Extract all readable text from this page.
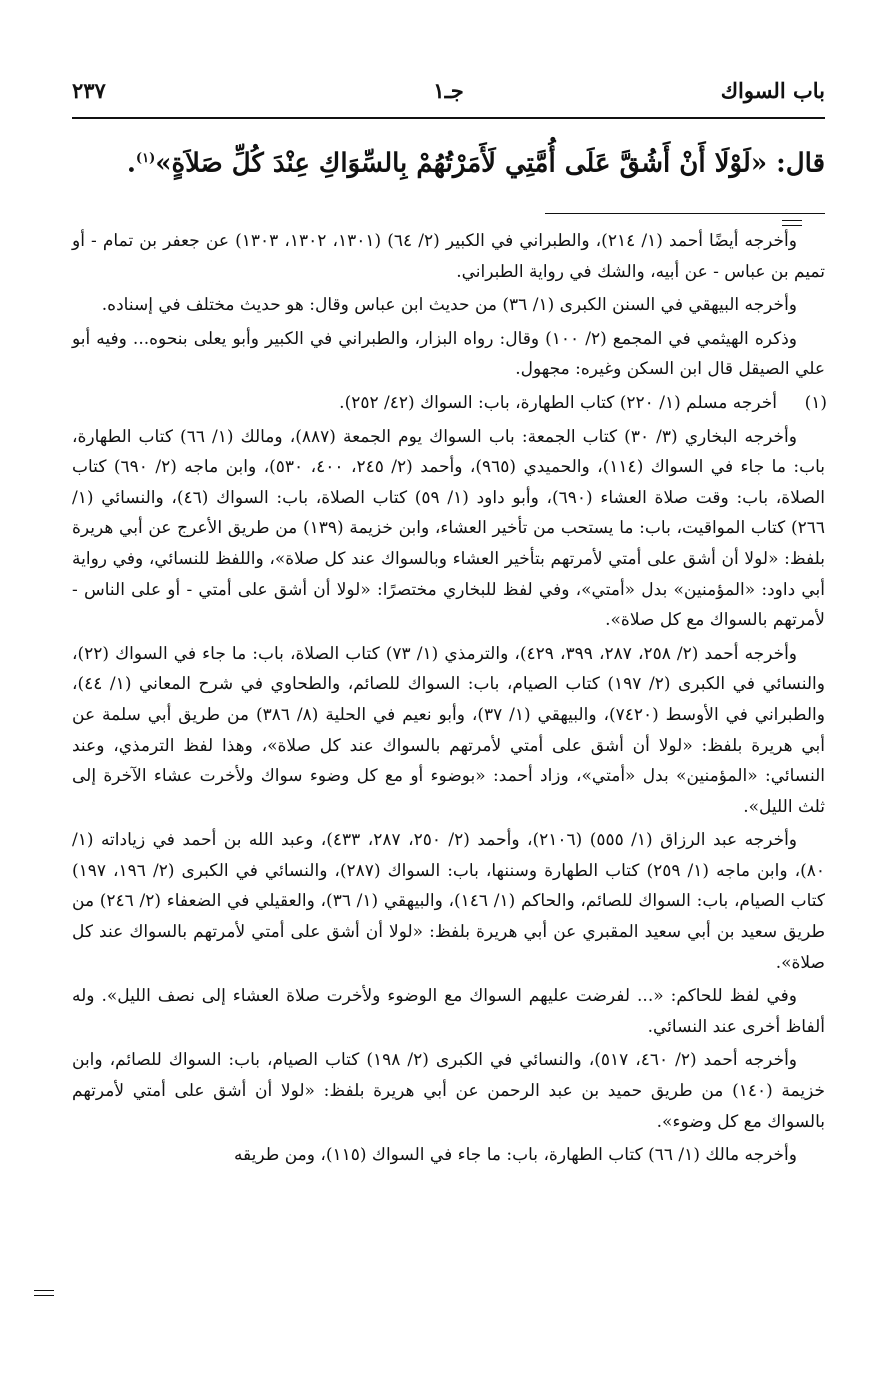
باب السواك
جـ١
٢٣٧
قال: «لَوْلَا أَنْ أَشُقَّ عَلَى أُمَّتِي لَأَمَرْتُهُمْ بِالسِّوَاكِ عِنْدَ كُلِّ صَلاَةٍ»$^{(١)}$.

وأخرجه أيضًا أحمد (١/ ٢١٤)، والطبراني في الكبير (٢/ ٦٤) (١٣٠١، ١٣٠٢، ١٣٠٣) عن جعفر بن تمام - أو تميم بن عباس - عن أبيه، والشك في رواية الطبراني.

وأخرجه البيهقي في السنن الكبرى (١/ ٣٦) من حديث ابن عباس وقال: هو حديث مختلف في إسناده.

وذكره الهيثمي في المجمع (٢/ ١٠٠) وقال: رواه البزار، والطبراني في الكبير وأبو يعلى بنحوه... وفيه أبو علي الصيقل قال ابن السكن وغيره: مجهول.

(١)
أخرجه مسلم (١/ ٢٢٠) كتاب الطهارة، باب: السواك (٤٢/ ٢٥٢).

وأخرجه البخاري (٣/ ٣٠) كتاب الجمعة: باب السواك يوم الجمعة (٨٨٧)، ومالك (١/ ٦٦) كتاب الطهارة، باب: ما جاء في السواك (١١٤)، والحميدي (٩٦٥)، وأحمد (٢/ ٢٤٥، ٤٠٠، ٥٣٠)، وابن ماجه (٢/ ٦٩٠) كتاب الصلاة، باب: وقت صلاة العشاء (٦٩٠)، وأبو داود (١/ ٥٩) كتاب الصلاة، باب: السواك (٤٦)، والنسائي (١/ ٢٦٦) كتاب المواقيت، باب: ما يستحب من تأخير العشاء، وابن خزيمة (١٣٩) من طريق الأعرج عن أبي هريرة بلفظ: «لولا أن أشق على أمتي لأمرتهم بتأخير العشاء وبالسواك عند كل صلاة»، واللفظ للنسائي، وفي رواية أبي داود: «المؤمنين» بدل «أمتي»، وفي لفظ للبخاري مختصرًا: «لولا أن أشق على أمتي - أو على الناس - لأمرتهم بالسواك مع كل صلاة».

وأخرجه أحمد (٢/ ٢٥٨، ٢٨٧، ٣٩٩، ٤٢٩)، والترمذي (١/ ٧٣) كتاب الصلاة، باب: ما جاء في السواك (٢٢)، والنسائي في الكبرى (٢/ ١٩٧) كتاب الصيام، باب: السواك للصائم، والطحاوي في شرح المعاني (١/ ٤٤)، والطبراني في الأوسط (٧٤٢٠)، والبيهقي (١/ ٣٧)، وأبو نعيم في الحلية (٨/ ٣٨٦) من طريق أبي سلمة عن أبي هريرة بلفظ: «لولا أن أشق على أمتي لأمرتهم بالسواك عند كل صلاة»، وهذا لفظ الترمذي، وعند النسائي: «المؤمنين» بدل «أمتي»، وزاد أحمد: «بوضوء أو مع كل وضوء سواك ولأخرت عشاء الآخرة إلى ثلث الليل».

وأخرجه عبد الرزاق (١/ ٥٥٥) (٢١٠٦)، وأحمد (٢/ ٢٥٠، ٢٨٧، ٤٣٣)، وعبد الله بن أحمد في زياداته (١/ ٨٠)، وابن ماجه (١/ ٢٥٩) كتاب الطهارة وسننها، باب: السواك (٢٨٧)، والنسائي في الكبرى (٢/ ١٩٦، ١٩٧) كتاب الصيام، باب: السواك للصائم، والحاكم (١/ ١٤٦)، والبيهقي (١/ ٣٦)، والعقيلي في الضعفاء (٢/ ٢٤٦) من طريق سعيد بن أبي سعيد المقبري عن أبي هريرة بلفظ: «لولا أن أشق على أمتي لأمرتهم بالسواك عند كل صلاة».

وفي لفظ للحاكم: «... لفرضت عليهم السواك مع الوضوء ولأخرت صلاة العشاء إلى نصف الليل». وله ألفاظ أخرى عند النسائي.

وأخرجه أحمد (٢/ ٤٦٠، ٥١٧)، والنسائي في الكبرى (٢/ ١٩٨) كتاب الصيام، باب: السواك للصائم، وابن خزيمة (١٤٠) من طريق حميد بن عبد الرحمن عن أبي هريرة بلفظ: «لولا أن أشق على أمتي لأمرتهم بالسواك مع كل وضوء».

وأخرجه مالك (١/ ٦٦) كتاب الطهارة، باب: ما جاء في السواك (١١٥)، ومن طريقه
